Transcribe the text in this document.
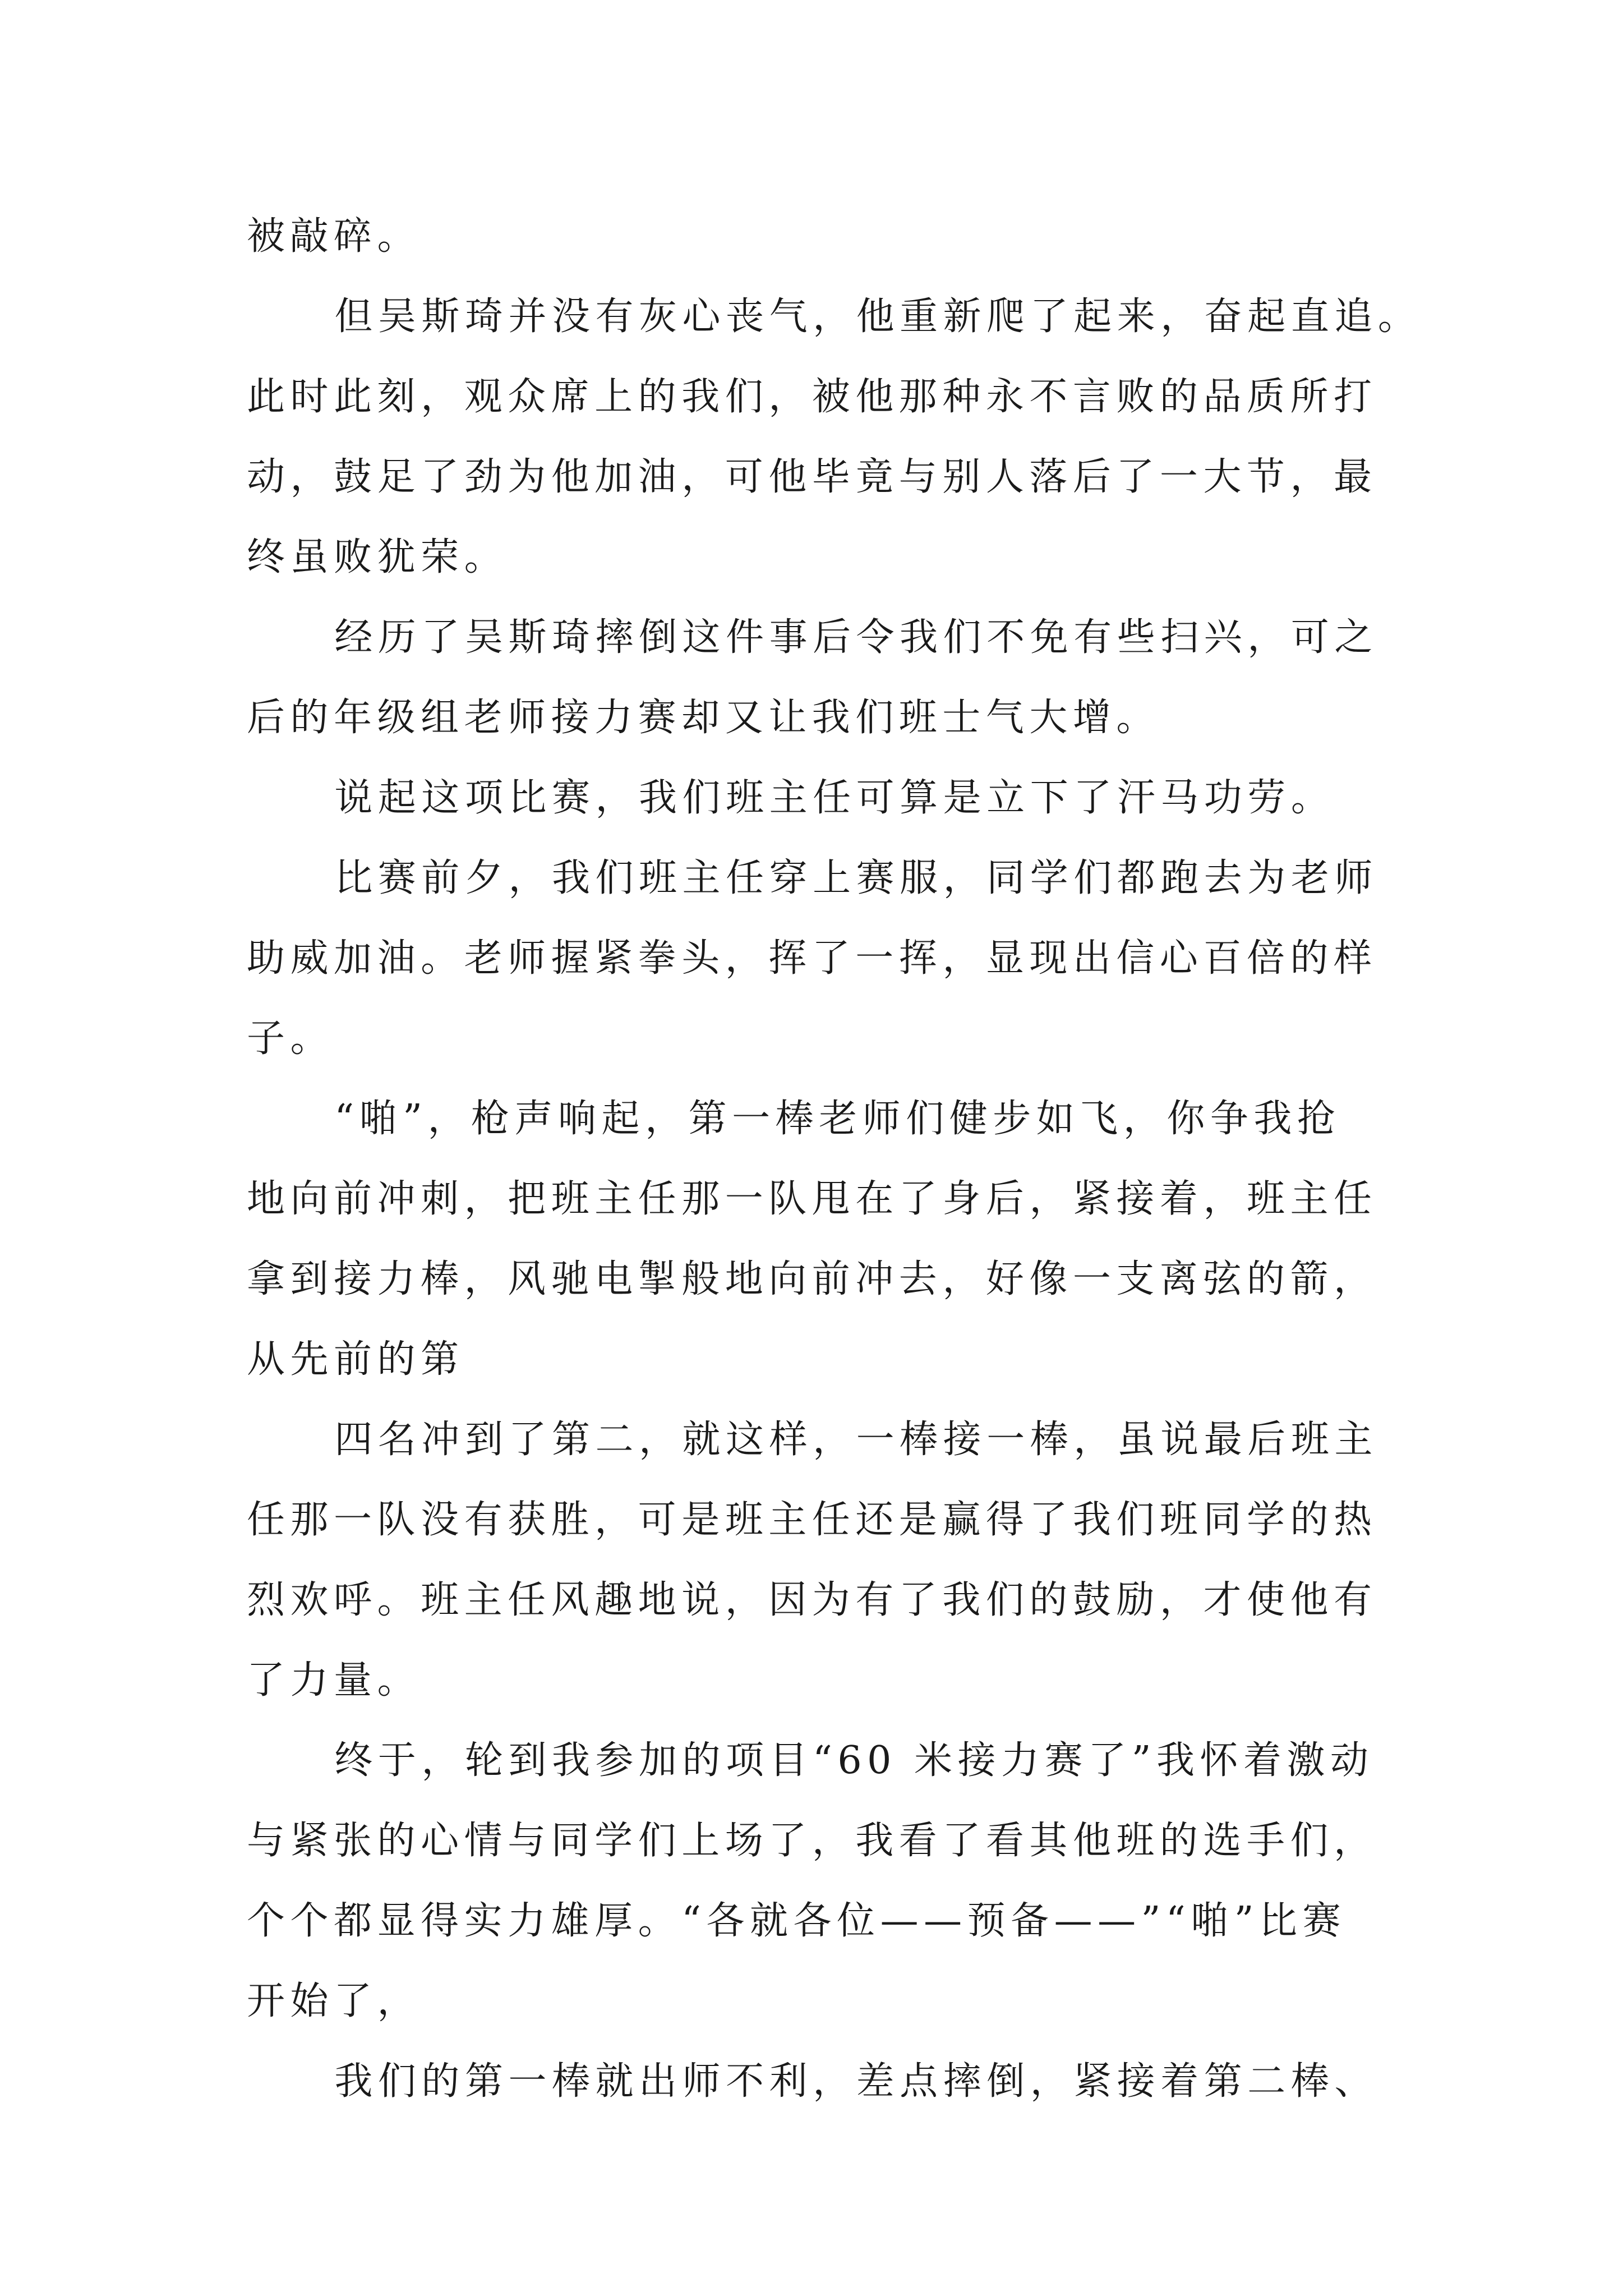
被敲碎。

但吴斯琦并没有灰心丧气，他重新爬了起来，奋起直追。
此时此刻，观众席上的我们，被他那种永不言败的品质所打
动，鼓足了劲为他加油，可他毕竟与别人落后了一大节，最
终虽败犹荣。

经历了吴斯琦摔倒这件事后令我们不免有些扫兴，可之
后的年级组老师接力赛却又让我们班士气大增。

说起这项比赛，我们班主任可算是立下了汗马功劳。

比赛前夕，我们班主任穿上赛服，同学们都跑去为老师
助威加油。老师握紧拳头，挥了一挥，显现出信心百倍的样
子。

“啪”，枪声响起，第一棒老师们健步如飞，你争我抢
地向前冲刺，把班主任那一队甩在了身后，紧接着，班主任
拿到接力棒，风驰电掣般地向前冲去，好像一支离弦的箭，
从先前的第

四名冲到了第二，就这样，一棒接一棒，虽说最后班主
任那一队没有获胜，可是班主任还是赢得了我们班同学的热
烈欢呼。班主任风趣地说，因为有了我们的鼓励，才使他有
了力量。

终于，轮到我参加的项目“60 米接力赛了”我怀着激动
与紧张的心情与同学们上场了，我看了看其他班的选手们，
个个都显得实力雄厚。“各就各位——预备——”“啪”比赛
开始了，

我们的第一棒就出师不利，差点摔倒，紧接着第二棒、
